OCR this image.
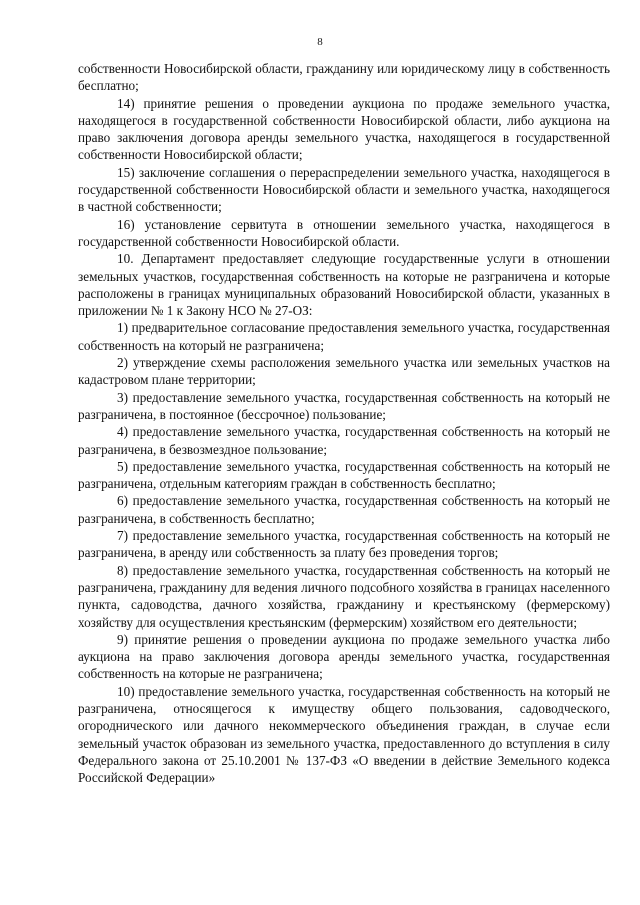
8

собственности Новосибирской области, гражданину или юридическому лицу в собственность бесплатно;

14) принятие решения о проведении аукциона по продаже земельного участка, находящегося в государственной собственности Новосибирской области, либо аукциона на право заключения договора аренды земельного участка, находящегося в государственной собственности Новосибирской области;

15) заключение соглашения о перераспределении земельного участка, находящегося в государственной собственности Новосибирской области и земельного участка, находящегося в частной собственности;

16) установление сервитута в отношении земельного участка, находящегося в государственной собственности Новосибирской области.

10. Департамент предоставляет следующие государственные услуги в отношении земельных участков, государственная собственность на которые не разграничена и которые расположены в границах муниципальных образований Новосибирской области, указанных в приложении № 1 к Закону НСО № 27-ОЗ:

1) предварительное согласование предоставления земельного участка, государственная собственность на который не разграничена;

2) утверждение схемы расположения земельного участка или земельных участков на кадастровом плане территории;

3) предоставление земельного участка, государственная собственность на который не разграничена, в постоянное (бессрочное) пользование;

4) предоставление земельного участка, государственная собственность на который не разграничена, в безвозмездное пользование;

5) предоставление земельного участка, государственная собственность на который не разграничена, отдельным категориям граждан в собственность бесплатно;

6) предоставление земельного участка, государственная собственность на который не разграничена, в собственность бесплатно;

7) предоставление земельного участка, государственная собственность на который не разграничена, в аренду или собственность за плату без проведения торгов;

8) предоставление земельного участка, государственная собственность на который не разграничена, гражданину для ведения личного подсобного хозяйства в границах населенного пункта, садоводства, дачного хозяйства, гражданину и крестьянскому (фермерскому) хозяйству для осуществления крестьянским (фермерским) хозяйством его деятельности;

9) принятие решения о проведении аукциона по продаже земельного участка либо аукциона на право заключения договора аренды земельного участка, государственная собственность на которые не разграничена;

10) предоставление земельного участка, государственная собственность на который не разграничена, относящегося к имуществу общего пользования, садоводческого, огороднического или дачного некоммерческого объединения граждан, в случае если земельный участок образован из земельного участка, предоставленного до вступления в силу Федерального закона от 25.10.2001 № 137-ФЗ «О введении в действие Земельного кодекса Российской Федерации»
